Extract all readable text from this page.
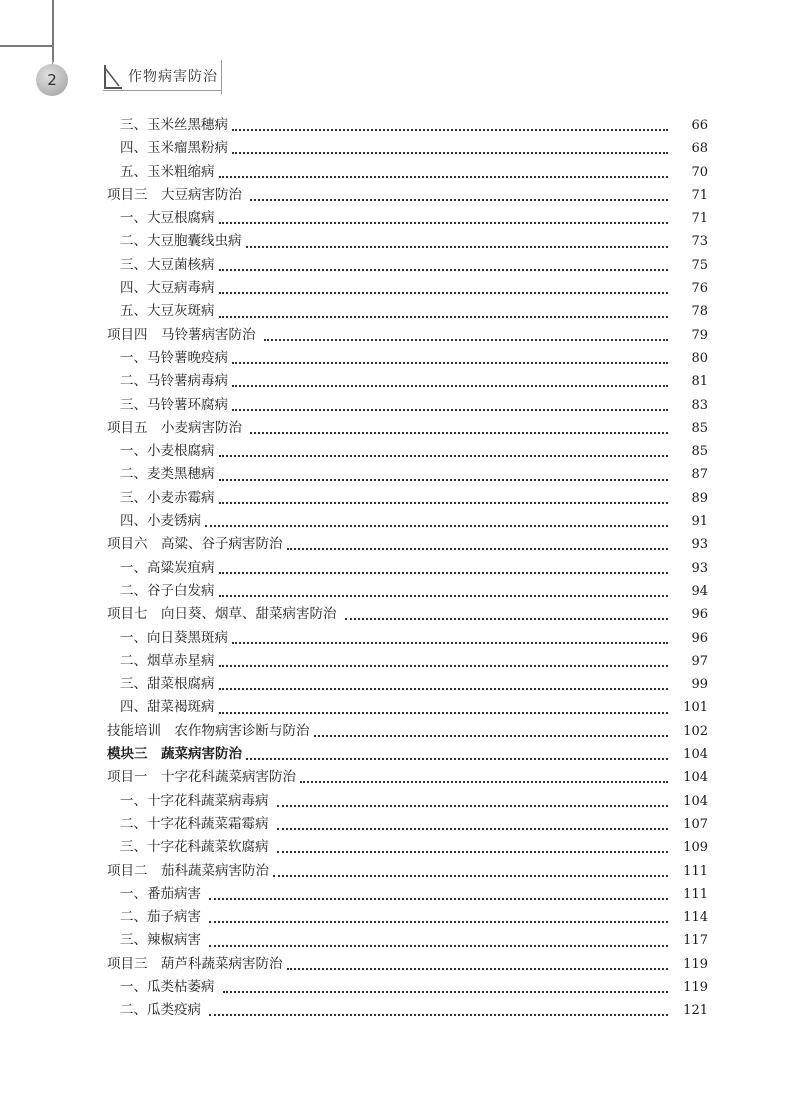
2	作物病害防治
三、玉米丝黑穗病	66
四、玉米瘤黑粉病	68
五、玉米粗缩病	70
项目三　大豆病害防治	71
一、大豆根腐病	71
二、大豆胞囊线虫病	73
三、大豆菌核病	75
四、大豆病毒病	76
五、大豆灰斑病	78
项目四　马铃薯病害防治	79
一、马铃薯晚疫病	80
二、马铃薯病毒病	81
三、马铃薯环腐病	83
项目五　小麦病害防治	85
一、小麦根腐病	85
二、麦类黑穗病	87
三、小麦赤霉病	89
四、小麦锈病	91
项目六　高粱、谷子病害防治	93
一、高粱炭疽病	93
二、谷子白发病	94
项目七　向日葵、烟草、甜菜病害防治	96
一、向日葵黑斑病	96
二、烟草赤星病	97
三、甜菜根腐病	99
四、甜菜褐斑病	101
技能培训　农作物病害诊断与防治	102
模块三　蔬菜病害防治	104
项目一　十字花科蔬菜病害防治	104
一、十字花科蔬菜病毒病	104
二、十字花科蔬菜霜霉病	107
三、十字花科蔬菜软腐病	109
项目二　茄科蔬菜病害防治	111
一、番茄病害	111
二、茄子病害	114
三、辣椒病害	117
项目三　葫芦科蔬菜病害防治	119
一、瓜类枯萎病	119
二、瓜类疫病	121
